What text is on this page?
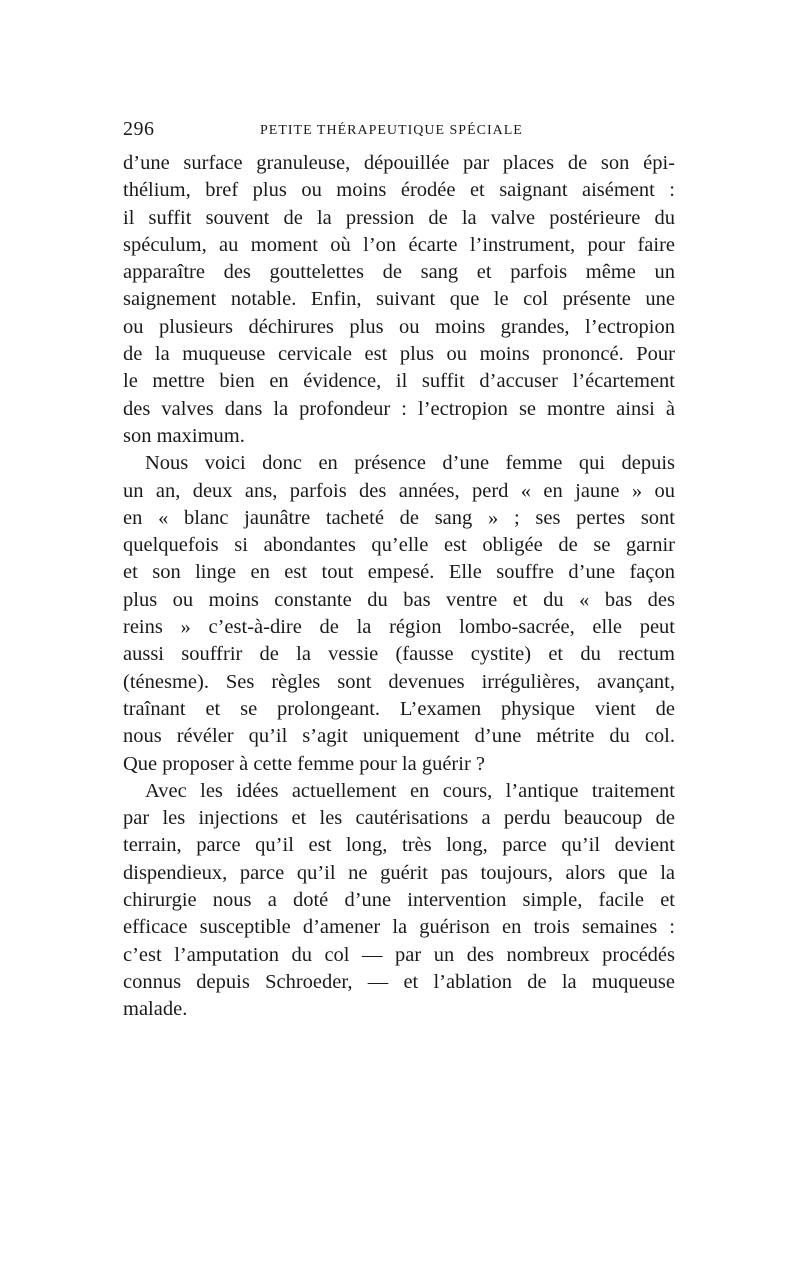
296	PETITE THÉRAPEUTIQUE SPÉCIALE
d’une surface granuleuse, dépouillée par places de son épi-
thélium, bref plus ou moins érodée et saignant aisément :
il suffit souvent de la pression de la valve postérieure du
spéculum, au moment où l’on écarte l’instrument, pour faire
apparaître des gouttelettes de sang et parfois même un
saignement notable. Enfin, suivant que le col présente une
ou plusieurs déchirures plus ou moins grandes, l’ectropion
de la muqueuse cervicale est plus ou moins prononcé. Pour
le mettre bien en évidence, il suffit d’accuser l’écartement
des valves dans la profondeur : l’ectropion se montre ainsi à
son maximum.
Nous voici donc en présence d’une femme qui depuis
un an, deux ans, parfois des années, perd « en jaune » ou
en « blanc jaunâtre tacheté de sang » ; ses pertes sont
quelquefois si abondantes qu’elle est obligée de se garnir
et son linge en est tout empesé. Elle souffre d’une façon
plus ou moins constante du bas ventre et du « bas des
reins » c’est-à-dire de la région lombo-sacrée, elle peut
aussi souffrir de la vessie (fausse cystite) et du rectum
(ténesme). Ses règles sont devenues irrégulières, avançant,
traînant et se prolongeant. L’examen physique vient de
nous révéler qu’il s’agit uniquement d’une métrite du col.
Que proposer à cette femme pour la guérir ?
Avec les idées actuellement en cours, l’antique traitement
par les injections et les cautérisations a perdu beaucoup de
terrain, parce qu’il est long, très long, parce qu’il devient
dispendieux, parce qu’il ne guérit pas toujours, alors que la
chirurgie nous a doté d’une intervention simple, facile et
efficace susceptible d’amener la guérison en trois semaines :
c’est l’amputation du col — par un des nombreux procédés
connus depuis Schroeder, — et l’ablation de la muqueuse
malade.
